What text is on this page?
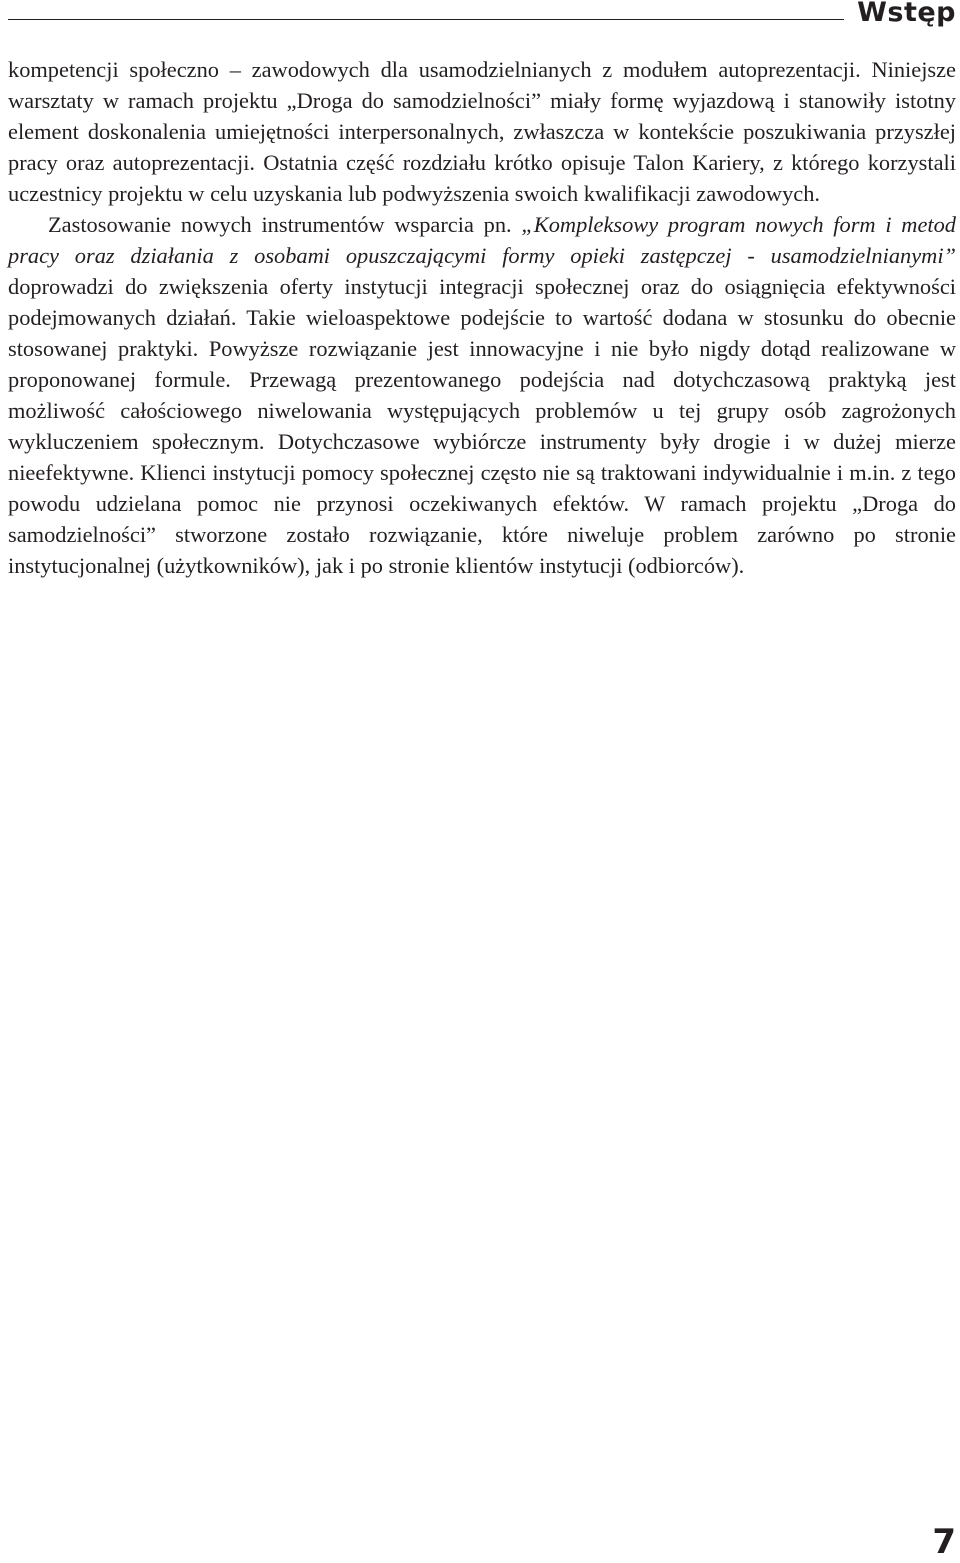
Wstęp

kompetencji społeczno – zawodowych dla usamodzielnianych z modułem autoprezentacji. Niniejsze warsztaty w ramach projektu „Droga do samodzielności” miały formę wyjazdową i stanowiły istotny element doskonalenia umiejętności interpersonalnych, zwłaszcza w kontekście poszukiwania przyszłej pracy oraz autoprezentacji. Ostatnia część rozdziału krótko opisuje Talon Kariery, z którego korzystali uczestnicy projektu w celu uzyskania lub podwyższenia swoich kwalifikacji zawodowych.

Zastosowanie nowych instrumentów wsparcia pn. „Kompleksowy program nowych form i metod pracy oraz działania z osobami opuszczającymi formy opieki zastępczej - usamodzielnianymi” doprowadzi do zwiększenia oferty instytucji integracji społecznej oraz do osiągnięcia efektywności podejmowanych działań. Takie wieloaspektowe podejście to wartość dodana w stosunku do obecnie stosowanej praktyki. Powyższe rozwiązanie jest innowacyjne i nie było nigdy dotąd realizowane w proponowanej formule. Przewagą prezentowanego podejścia nad dotychczasową praktyką jest możliwość całościowego niwelowania występujących problemów u tej grupy osób zagrożonych wykluczeniem społecznym. Dotychczasowe wybiórcze instrumenty były drogie i w dużej mierze nieefektywne. Klienci instytucji pomocy społecznej często nie są traktowani indywidualnie i m.in. z tego powodu udzielana pomoc nie przynosi oczekiwanych efektów. W ramach projektu „Droga do samodzielności” stworzone zostało rozwiązanie, które niweluje problem zarówno po stronie instytucjonalnej (użytkowników), jak i po stronie klientów instytucji (odbiorców).

7
